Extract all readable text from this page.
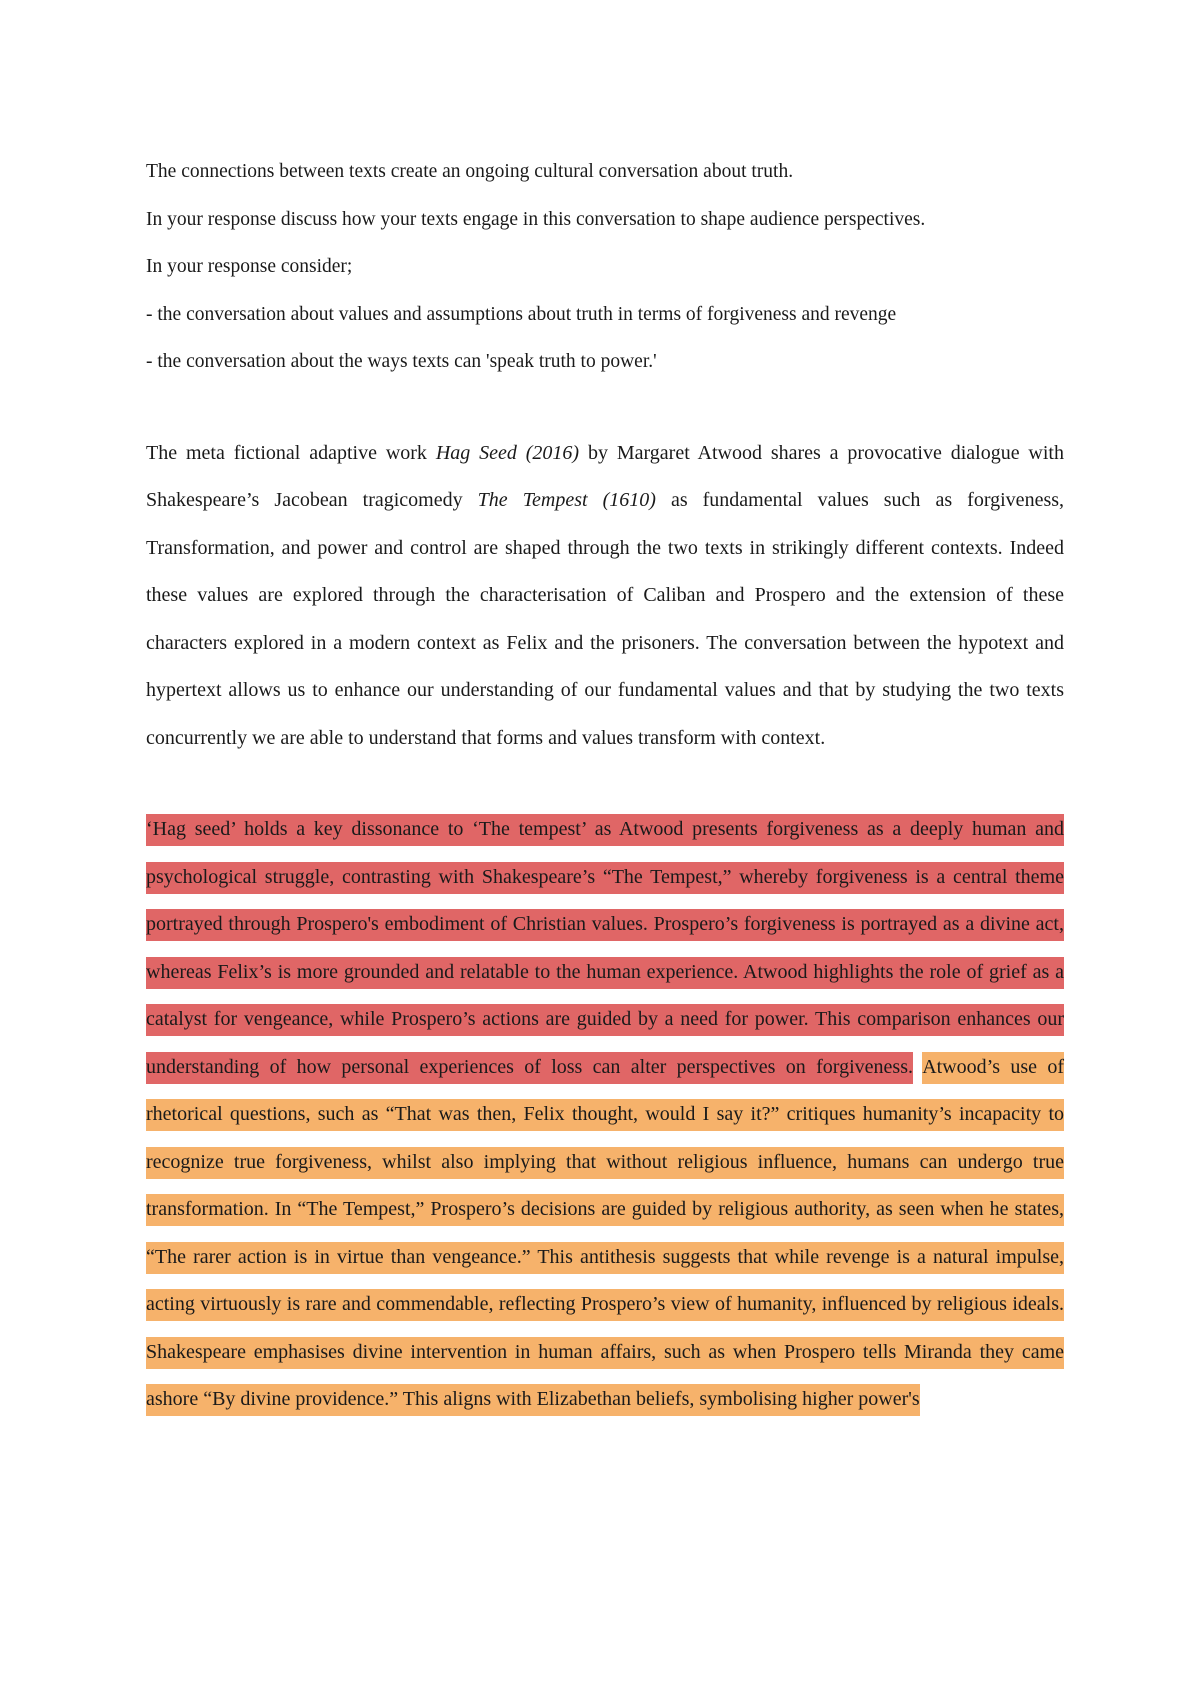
The connections between texts create an ongoing cultural conversation about truth.

In your response discuss how your texts engage in this conversation to shape audience perspectives.

In your response consider;

- the conversation about values and assumptions about truth in terms of forgiveness and revenge

- the conversation about the ways texts can 'speak truth to power.'

The meta fictional adaptive work Hag Seed (2016) by Margaret Atwood shares a provocative dialogue with Shakespeare’s Jacobean tragicomedy The Tempest (1610) as fundamental values such as forgiveness, Transformation, and power and control are shaped through the two texts in strikingly different contexts. Indeed these values are explored through the characterisation of Caliban and Prospero and the extension of these characters explored in a modern context as Felix and the prisoners. The conversation between the hypotext and hypertext allows us to enhance our understanding of our fundamental values and that by studying the two texts concurrently we are able to understand that forms and values transform with context.

‘Hag seed’ holds a key dissonance to ‘The tempest’ as Atwood presents forgiveness as a deeply human and psychological struggle, contrasting with Shakespeare’s “The Tempest,” whereby forgiveness is a central theme portrayed through Prospero's embodiment of Christian values. Prospero’s forgiveness is portrayed as a divine act, whereas Felix’s is more grounded and relatable to the human experience. Atwood highlights the role of grief as a catalyst for vengeance, while Prospero’s actions are guided by a need for power. This comparison enhances our understanding of how personal experiences of loss can alter perspectives on forgiveness. Atwood’s use of rhetorical questions, such as “That was then, Felix thought, would I say it?” critiques humanity’s incapacity to recognize true forgiveness, whilst also implying that without religious influence, humans can undergo true transformation. In “The Tempest,” Prospero’s decisions are guided by religious authority, as seen when he states, “The rarer action is in virtue than vengeance.” This antithesis suggests that while revenge is a natural impulse, acting virtuously is rare and commendable, reflecting Prospero’s view of humanity, influenced by religious ideals. Shakespeare emphasises divine intervention in human affairs, such as when Prospero tells Miranda they came ashore “By divine providence.” This aligns with Elizabethan beliefs, symbolising higher power's
